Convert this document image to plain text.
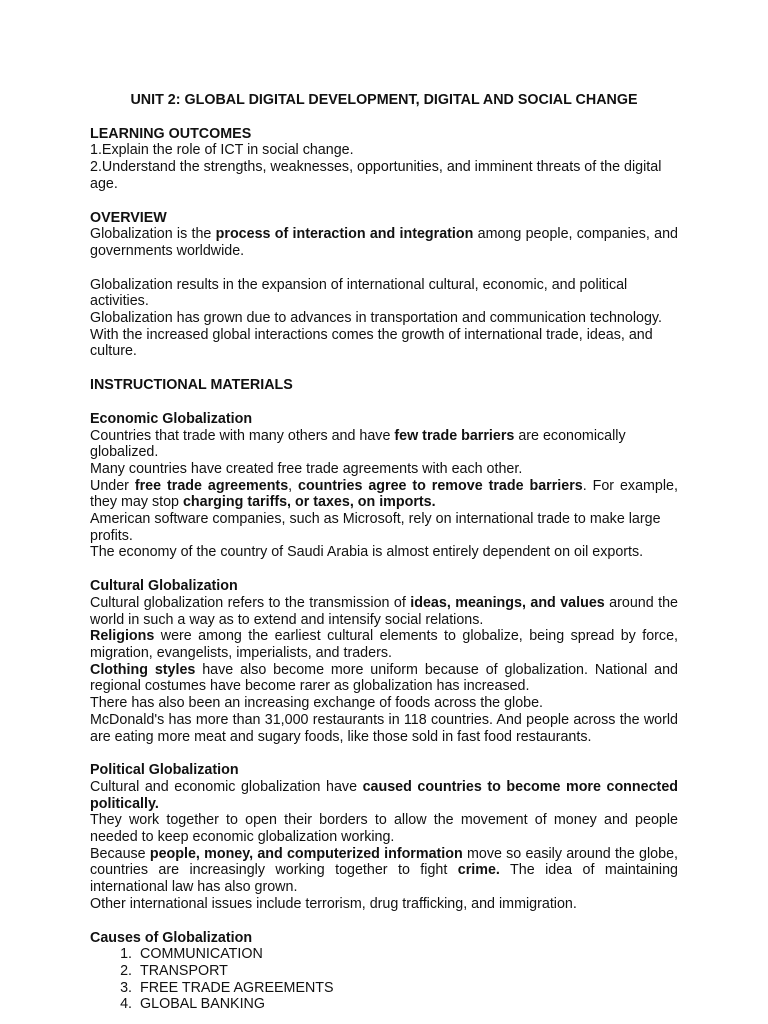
UNIT 2: GLOBAL DIGITAL DEVELOPMENT, DIGITAL AND SOCIAL CHANGE
LEARNING OUTCOMES
1.Explain the role of ICT in social change.
2.Understand the strengths, weaknesses, opportunities, and imminent threats of the digital age.
OVERVIEW
Globalization is the process of interaction and integration among people, companies, and governments worldwide.
Globalization results in the expansion of international cultural, economic, and political activities.
Globalization has grown due to advances in transportation and communication technology.
With the increased global interactions comes the growth of international trade, ideas, and culture.
INSTRUCTIONAL MATERIALS
Economic Globalization
Countries that trade with many others and have few trade barriers are economically globalized.
Many countries have created free trade agreements with each other.
Under free trade agreements, countries agree to remove trade barriers. For example, they may stop charging tariffs, or taxes, on imports.
American software companies, such as Microsoft, rely on international trade to make large profits.
The economy of the country of Saudi Arabia is almost entirely dependent on oil exports.
Cultural Globalization
Cultural globalization refers to the transmission of ideas, meanings, and values around the world in such a way as to extend and intensify social relations.
Religions were among the earliest cultural elements to globalize, being spread by force, migration, evangelists, imperialists, and traders.
Clothing styles have also become more uniform because of globalization. National and regional costumes have become rarer as globalization has increased.
There has also been an increasing exchange of foods across the globe.
McDonald's has more than 31,000 restaurants in 118 countries. And people across the world are eating more meat and sugary foods, like those sold in fast food restaurants.
Political Globalization
Cultural and economic globalization have caused countries to become more connected politically.
They work together to open their borders to allow the movement of money and people needed to keep economic globalization working.
Because people, money, and computerized information move so easily around the globe, countries are increasingly working together to fight crime. The idea of maintaining international law has also grown.
Other international issues include terrorism, drug trafficking, and immigration.
Causes of Globalization
1. COMMUNICATION
2. TRANSPORT
3. FREE TRADE AGREEMENTS
4. GLOBAL BANKING
